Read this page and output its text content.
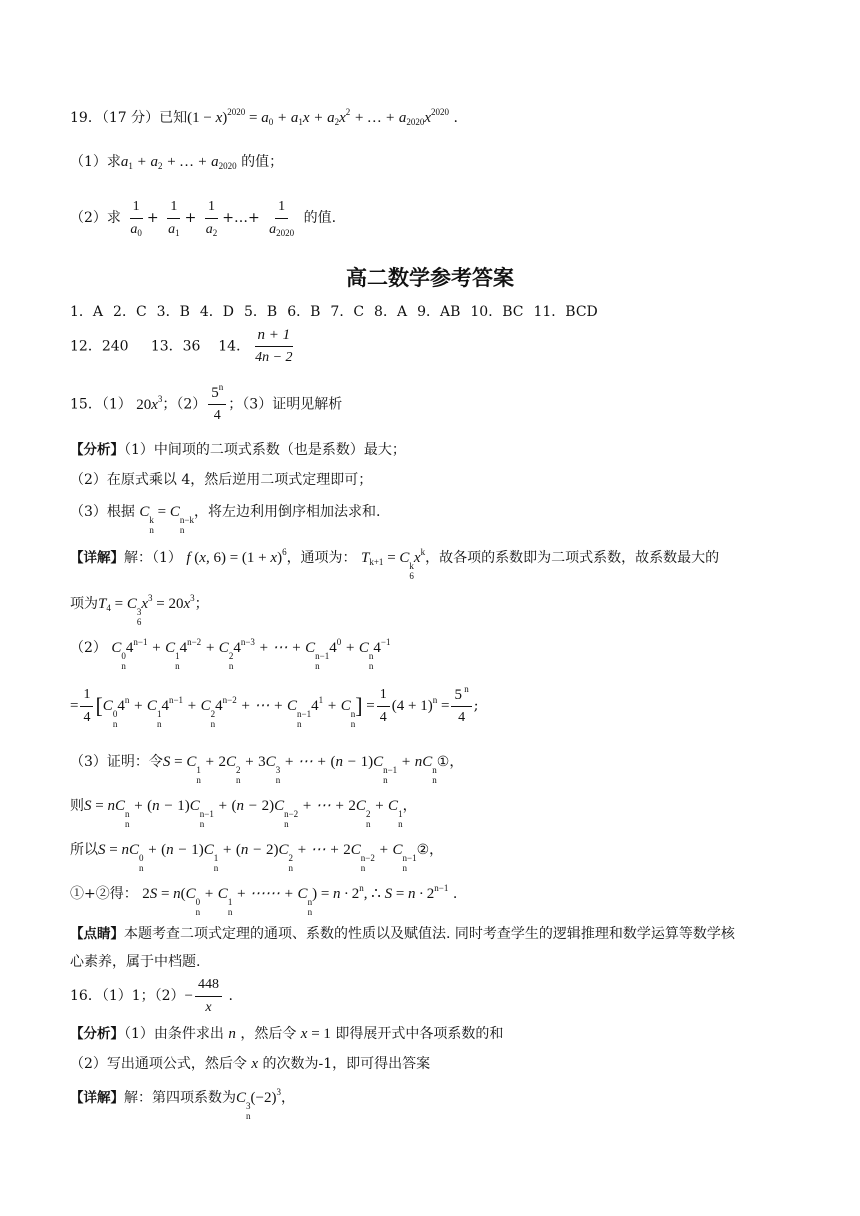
19．（17 分）已知$(1 - x)^{2020} = a_0 + a_1x + a_2x^2$ + … + $a_{2020}x^{2020}$ .
（1）求$a_1 + a_2$ + … + $a_{2020}$ 的值；
（2）求 $\frac{1}{a_0} + \frac{1}{a_1} + \frac{1}{a_2}$ +…+ $\frac{1}{a_{2020}}$ 的值.
高二数学参考答案
1．A 2．C 3．B 4．D 5．B 6．B 7．C 8．A 9．AB 10．BC 11．BCD
12．240 13．36 14． $\frac{n + 1}{4n - 2}$
15．（1） $20x^3$；$(2) \frac{5^n}{4}$ ；（3）证明见解析
【分析】（1）中间项的二项式系数（也是系数）最大；
（2）在原式乘以 4，然后逆用二项式定理即可；
（3）根据 C k
n
= C n−k
n
，将左边利用倒序相加法求和.
【详解】解：（1） f (x, $6) = (1 + x)^6$，通项为： $T_{k+1} = C$ k
6
$x^k$，故各项的系数即为二项式系数，故系数最大的
项为$T_4 = C$ 3
6
$x^3 = 20x^3$；
（2） C 0
n
$4^{n-1} + C$ 1
n
$4^{n-2} + C$ 2
n
$4^{n-3}$ + ⋯ + C n−1
n
$4^0 + C$ n
n
$4^{-1}$
= $\frac{1}{4} [C$ 0
n
$4^n + C$ 1
n
$4^{n-1} + C$ 2
n
$4^{n-2}$ + ⋯ + C n−1
n
$4^1 + C$ n
n
] = $\frac{1}{4} (4 + 1)^n = \frac{5 ^n}{4}$ ;
（3）证明：令S = C 1
n
+ 2C 2
n
+ 3C 3
n
+ ⋯ + (n − 1)C n−1
n
+ nC n
n
①，
则S = nC n
n
+ (n − 1)C n−1
n
+ (n − 2)C n−2
n
+ ⋯ + 2C 2
n
+ C 1
n
，
所以S = nC 0
n
+ (n − 1)C 1
n
+ (n − 2)C 2
n
+ ⋯ + 2C n−2
n
+ C n−1
n
②，
①+②得： 2S = n(C 0
n
+ C 1
n
+ ⋯⋯ + C n
n
) = $n \cdot 2^n$, ∴ $S = n \cdot 2^{n-1}$ .
【点睛】本题考查二项式定理的通项、系数的性质以及赋值法. 同时考查学生的逻辑推理和数学运算等数学核
心素养，属于中档题.
16．（1）1；$(2)- \frac{448}{x}$ .
【分析】（1）由条件求出 n ，然后令 x = 1 即得展开式中各项系数的和
（2）写出通项公式，然后令 x 的次数为-1，即可得出答案
【详解】解：第四项系数为C 3
n
$(-2)^3$，
